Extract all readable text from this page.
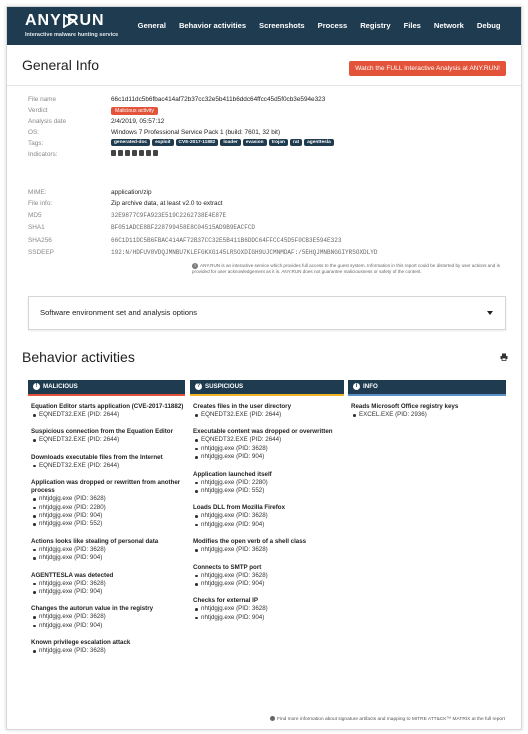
ANY RUN
Interactive malware hunting service
General	Behavior activities	Screenshots	Process	Registry	Files	Network	Debug
General Info	Watch the FULL Interactive Analysis at ANY.RUN!
File name	66c1d11dc5b6fbac414af72b37cc32e5b411b6ddc64ffcc45d5f0cb3e594e323
Verdict	Malicious activity
Analysis date	2/4/2019, 05:57:12
OS:	Windows 7 Professional Service Pack 1 (build: 7601, 32 bit)
Tags:	generated-doc	exploit	CVE-2017-11882	loader	evasion	trojan	rat	agenttesla
Indicators:
MIME:	application/zip
File info:	Zip archive data, at least v2.0 to extract
MD5	32E9877C9FA923E519C2262738E4E87E
SHA1	BF051ADCE8BF228799458E8C04515AD9B9EACFCD
SHA256	66C1D11DC5B6FBAC414AF72B37CC32E5B411B6DDC64FFCC45D5F0CB3E594E323
SSDEEP	192:N/HDFUV8VDQJMNBU7KLEFGKXG145LRSOXDIGH9UJCMNMDAF:/5EHQJMNBNGGIYRSOXDLYD
i ANY.RUN is an interactive service which provides full access to the guest system. Information in this report could be distorted by user actions and is provided for user acknowledgement as it is. ANY.RUN does not guarantee maliciousness or safety of the content.
Software environment set and analysis options
Behavior activities
! MALICIOUS
Equation Editor starts application (CVE-2017-11882)
EQNEDT32.EXE (PID: 2644)
Suspicious connection from the Equation Editor
EQNEDT32.EXE (PID: 2644)
Downloads executable files from the Internet
EQNEDT32.EXE (PID: 2644)
Application was dropped or rewritten from another process
nhtjdgjg.exe (PID: 3628)
nhtjdgjg.exe (PID: 2280)
nhtjdgjg.exe (PID: 904)
nhtjdgjg.exe (PID: 552)
Actions looks like stealing of personal data
nhtjdgjg.exe (PID: 3628)
nhtjdgjg.exe (PID: 904)
AGENTTESLA was detected
nhtjdgjg.exe (PID: 3628)
nhtjdgjg.exe (PID: 904)
Changes the autorun value in the registry
nhtjdgjg.exe (PID: 3628)
nhtjdgjg.exe (PID: 904)
Known privilege escalation attack
nhtjdgjg.exe (PID: 3628)
? SUSPICIOUS
Creates files in the user directory
EQNEDT32.EXE (PID: 2644)
Executable content was dropped or overwritten
EQNEDT32.EXE (PID: 2644)
nhtjdgjg.exe (PID: 3628)
nhtjdgjg.exe (PID: 904)
Application launched itself
nhtjdgjg.exe (PID: 2280)
nhtjdgjg.exe (PID: 552)
Loads DLL from Mozilla Firefox
nhtjdgjg.exe (PID: 3628)
nhtjdgjg.exe (PID: 904)
Modifies the open verb of a shell class
nhtjdgjg.exe (PID: 3628)
Connects to SMTP port
nhtjdgjg.exe (PID: 3628)
nhtjdgjg.exe (PID: 904)
Checks for external IP
nhtjdgjg.exe (PID: 3628)
nhtjdgjg.exe (PID: 904)
i INFO
Reads Microsoft Office registry keys
EXCEL.EXE (PID: 2936)
Find more information about signature artifacts and mapping to MITRE ATT&CK™ MATRIX at the full report
